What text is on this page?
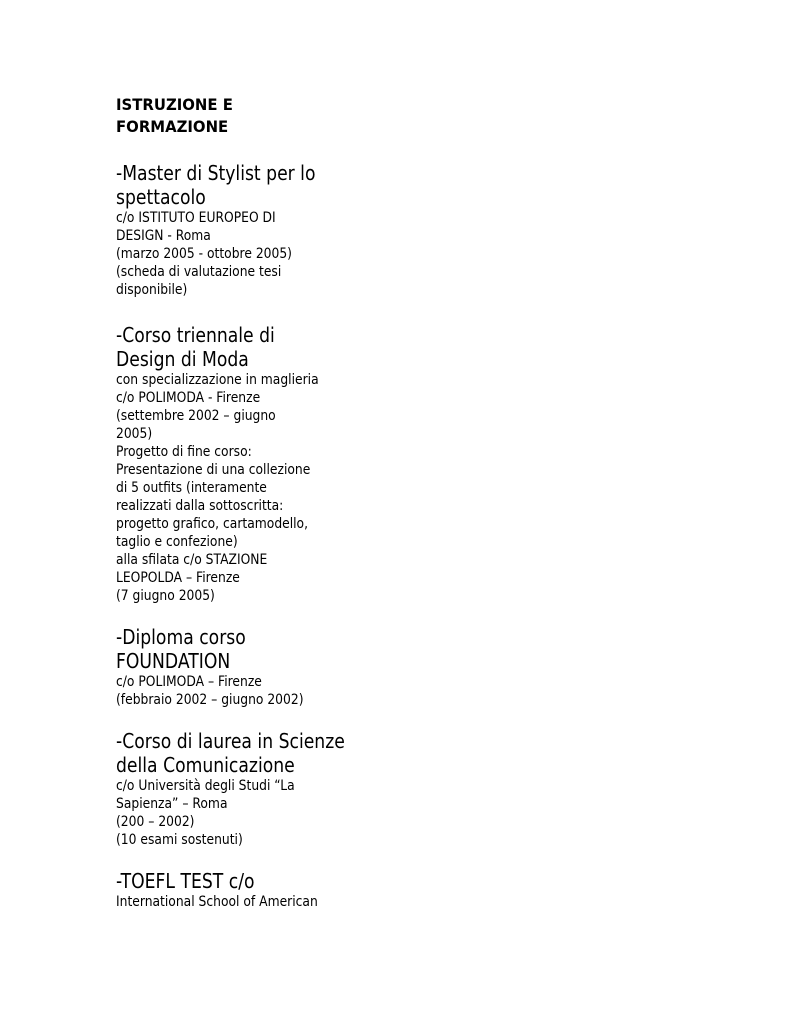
ISTRUZIONE E
FORMAZIONE
-Master di Stylist per lo
spettacolo
c/o ISTITUTO EUROPEO DI
DESIGN - Roma
(marzo 2005 - ottobre 2005)
(scheda di valutazione tesi
disponibile)
-Corso triennale di
Design di Moda
con specializzazione in maglieria
c/o POLIMODA - Firenze
(settembre 2002 – giugno
2005)
Progetto di fine corso:
Presentazione di una collezione
di 5 outfits (interamente
realizzati dalla sottoscritta:
progetto grafico, cartamodello,
taglio e confezione)
alla sfilata c/o STAZIONE
LEOPOLDA – Firenze
(7 giugno 2005)
-Diploma corso
FOUNDATION
c/o POLIMODA – Firenze
(febbraio 2002 – giugno 2002)
-Corso di laurea in Scienze
della Comunicazione
c/o Università degli Studi “La
Sapienza” – Roma
(200 – 2002)
(10 esami sostenuti)
-TOEFL TEST c/o
International School of American
